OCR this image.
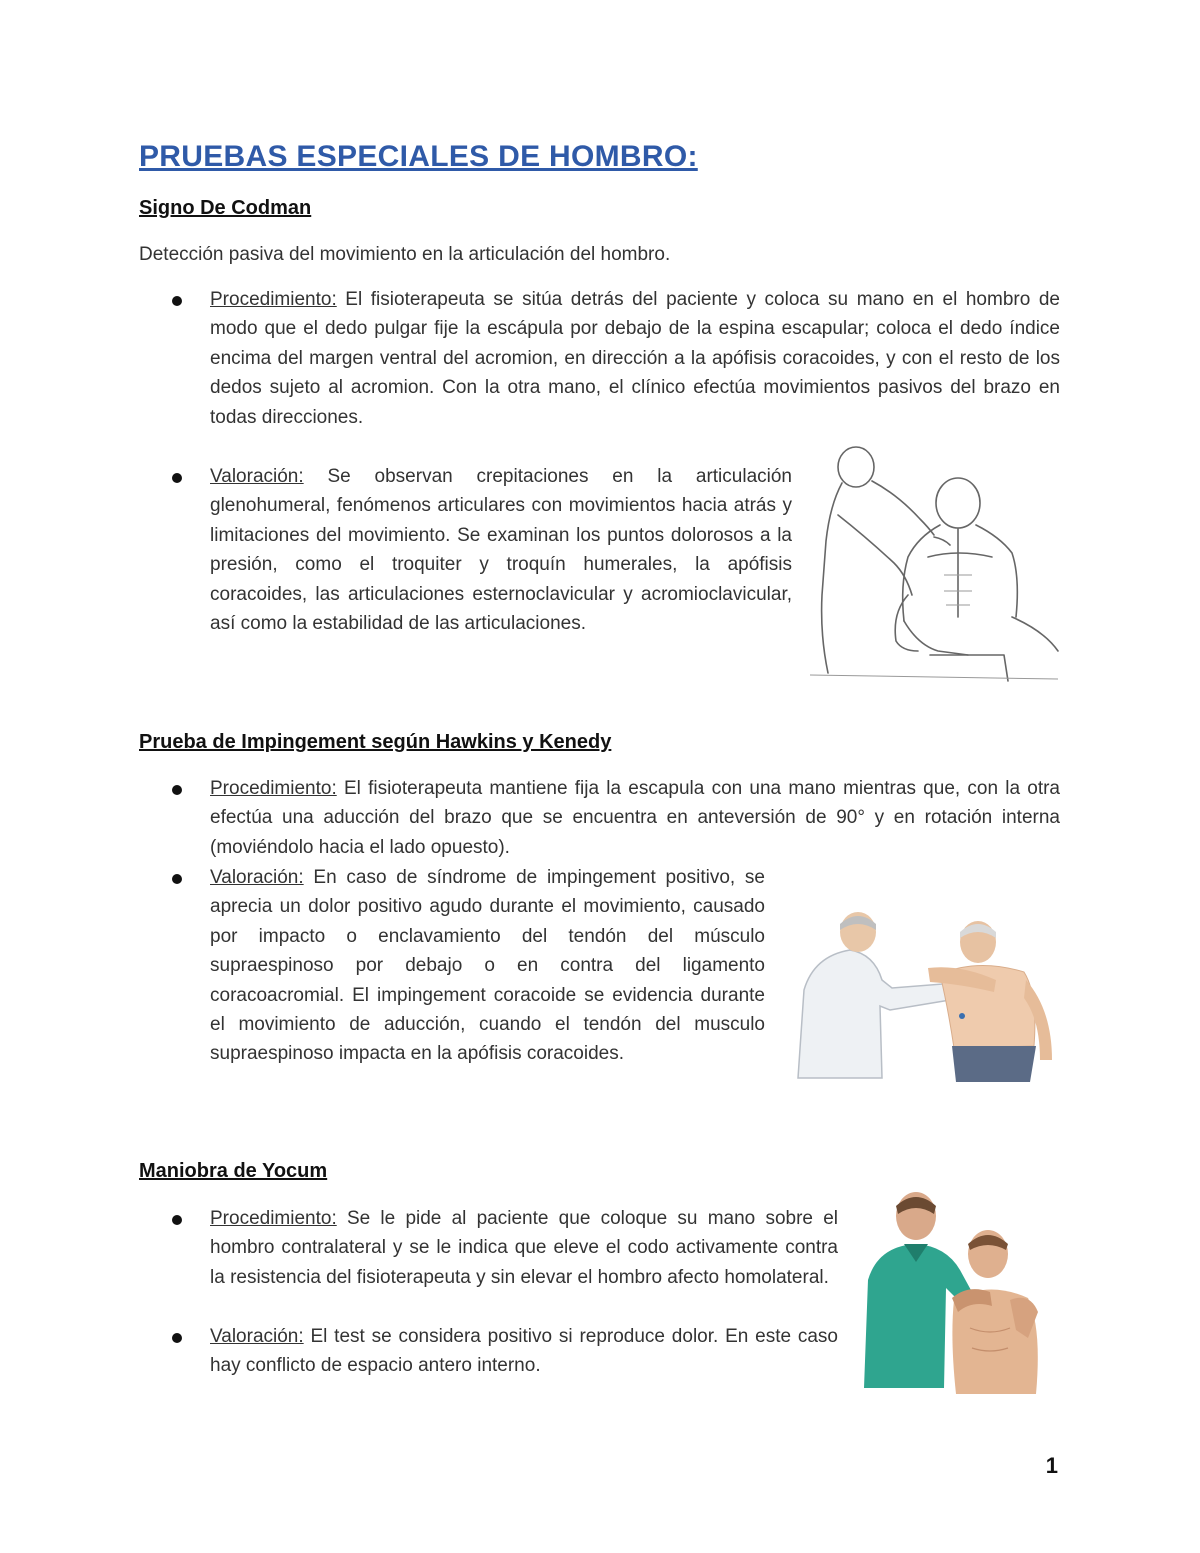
PRUEBAS ESPECIALES DE HOMBRO:
Signo De Codman

Detección pasiva del movimiento en la articulación del hombro.

Procedimiento: El fisioterapeuta se sitúa detrás del paciente y coloca su mano en el hombro de modo que el dedo pulgar fije la escápula por debajo de la espina escapular; coloca el dedo índice encima del margen ventral del acromion, en dirección a la apófisis coracoides, y con el resto de los dedos sujeto al acromion. Con la otra mano, el clínico efectúa movimientos pasivos del brazo en todas direcciones.

Valoración: Se observan crepitaciones en la articulación glenohumeral, fenómenos articulares con movimientos hacia atrás y limitaciones del movimiento. Se examinan los puntos dolorosos a la presión, como el troquiter y troquín humerales, la apófisis coracoides, las articulaciones esternoclavicular y acromioclavicular, así como la estabilidad de las articulaciones.

Prueba de Impingement según Hawkins y Kenedy

Procedimiento: El fisioterapeuta mantiene fija la escapula con una mano mientras que, con la otra efectúa una aducción del brazo que se encuentra en anteversión de 90° y en rotación interna (moviéndolo hacia el lado opuesto).

Valoración: En caso de síndrome de impingement positivo, se aprecia un dolor positivo agudo durante el movimiento, causado por impacto o enclavamiento del tendón del músculo supraespinoso por debajo o en contra del ligamento coracoacromial. El impingement coracoide se evidencia durante el movimiento de aducción, cuando el tendón del musculo supraespinoso impacta en la apófisis coracoides.

Maniobra de Yocum

Procedimiento: Se le pide al paciente que coloque su mano sobre el hombro contralateral y se le indica que eleve el codo activamente contra la resistencia del fisioterapeuta y sin elevar el hombro afecto homolateral.

Valoración: El test se considera positivo si reproduce dolor. En este caso hay conflicto de espacio antero interno.

1
